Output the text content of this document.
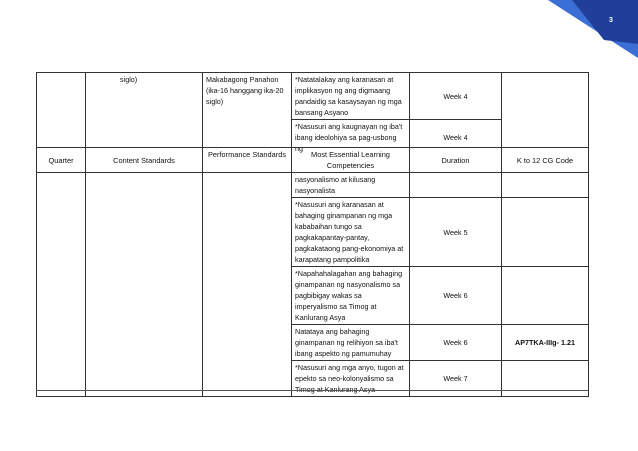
3
	siglo)	Makabagong Panahon (ika-16 hanggang ika-20 siglo)	*Natatalakay ang karanasan at implikasyon ng ang digmaang pandaidig sa kasaysayan ng mga bansang Asyano	Week 4	
			*Nasusuri ang kaugnayan ng iba't ibang ideolohiya sa pag-usbong ng	Week 4	
Quarter	Content Standards	Performance Standards	Most Essential Learning Competencies	Duration	K to 12 CG Code
			nasyonalismo at kilusang nasyonalista		
			*Nasusuri ang karanasan at bahaging ginampanan ng mga kababaihan tungo sa pagkakapantay-pantay, pagkakataong pang-ekonomiya at karapatang pampolitika	Week 5	
			*Napahahalagahan ang bahaging ginampanan ng nasyonalismo sa pagbibigay wakas sa imperyalismo sa Timog at Kanlurang Asya	Week 6	
			Natataya ang bahaging ginampanan ng relihiyon sa iba't ibang aspekto ng pamumuhay	Week 6	AP7TKA-IIIg- 1.21
			*Nasusuri ang mga anyo, tugon at epekto sa neo-kolonyalismo sa Timog at Kanlurang Asya	Week 7	
